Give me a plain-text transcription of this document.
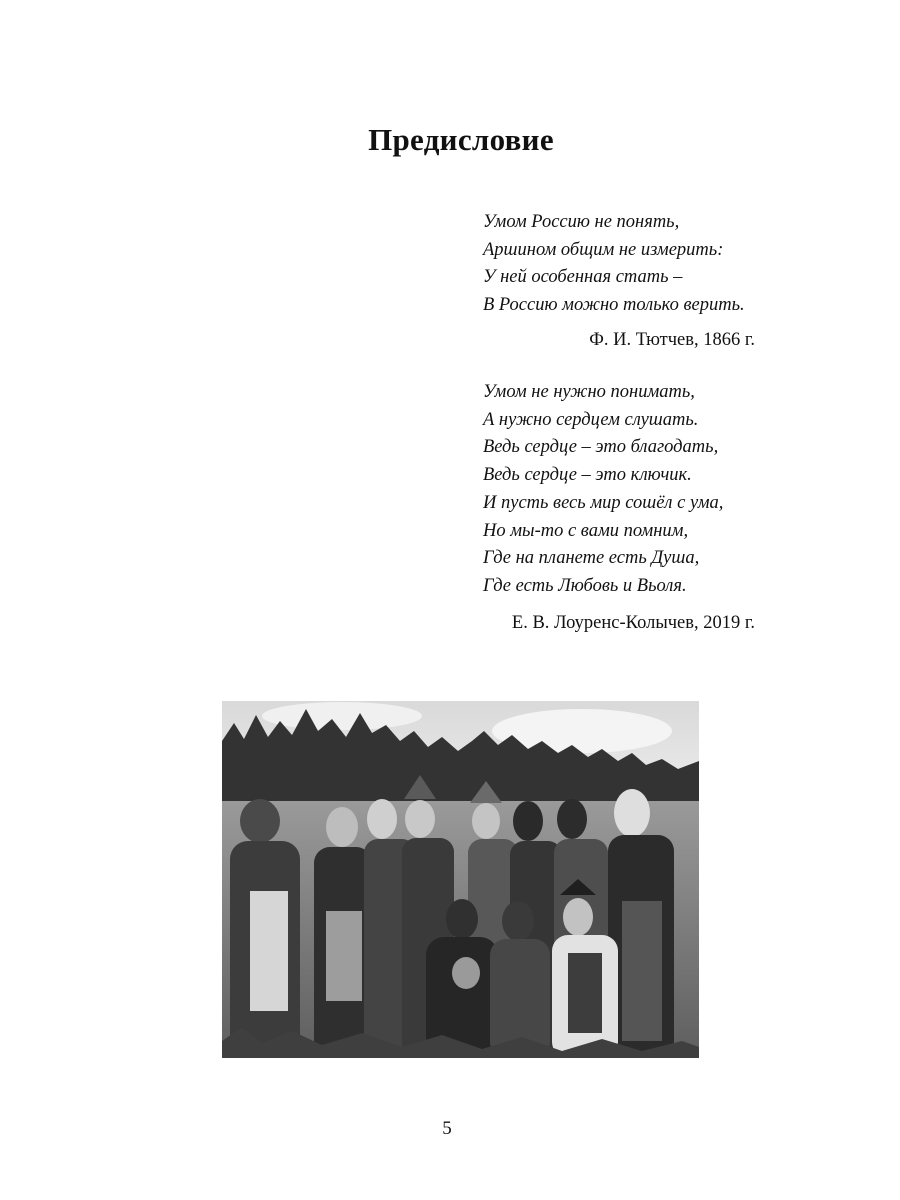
Предисловие
Умом Россию не понять,
Аршином общим не измерить:
У ней особенная стать –
В Россию можно только верить.
Ф. И. Тютчев, 1866 г.
Умом не нужно понимать,
А нужно сердцем слушать.
Ведь сердце – это благодать,
Ведь сердце – это ключик.
И пусть весь мир сошёл с ума,
Но мы-то с вами помним,
Где на планете есть Душа,
Где есть Любовь и Вьоля.
Е. В. Лоуренс-Колычев, 2019 г.
5
